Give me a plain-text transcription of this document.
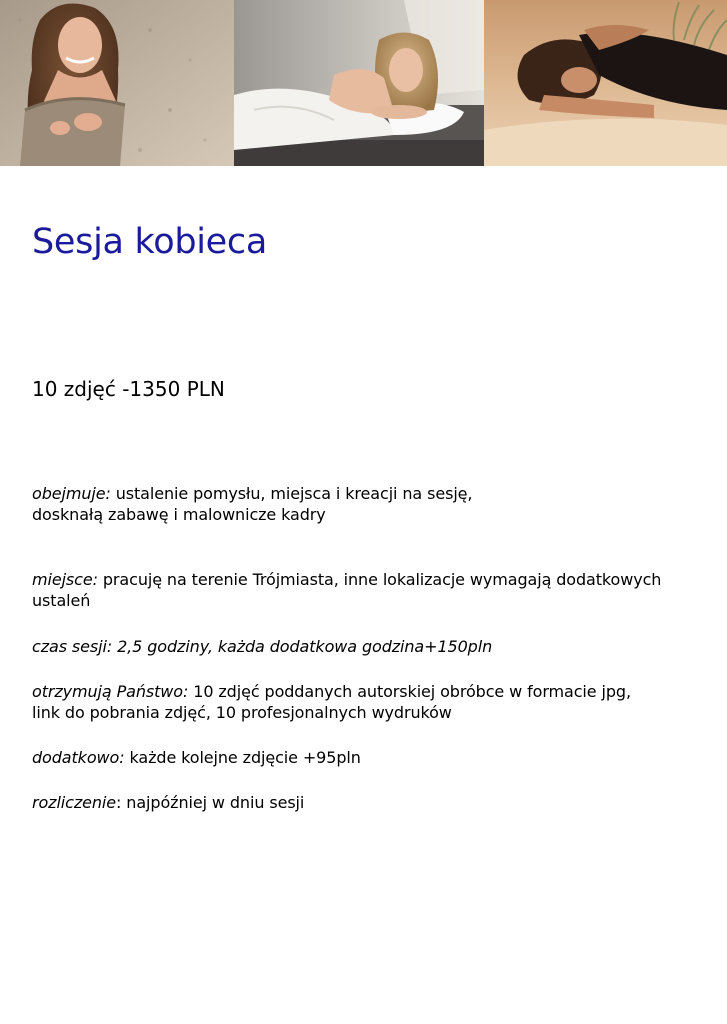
Sesja kobieca

10 zdjęć -1350 PLN

obejmuje: ustalenie pomysłu, miejsca i kreacji na sesję,
dosknałą zabawę i malownicze kadry

miejsce: pracuję na terenie Trójmiasta, inne lokalizacje wymagają dodatkowych
ustaleń

czas sesji: 2,5 godziny, każda dodatkowa godzina+150pln

otrzymują Państwo: 10 zdjęć poddanych autorskiej obróbce w formacie jpg,
link do pobrania zdjęć, 10 profesjonalnych wydruków

dodatkowo: każde kolejne zdjęcie +95pln

rozliczenie: najpóźniej w dniu sesji
